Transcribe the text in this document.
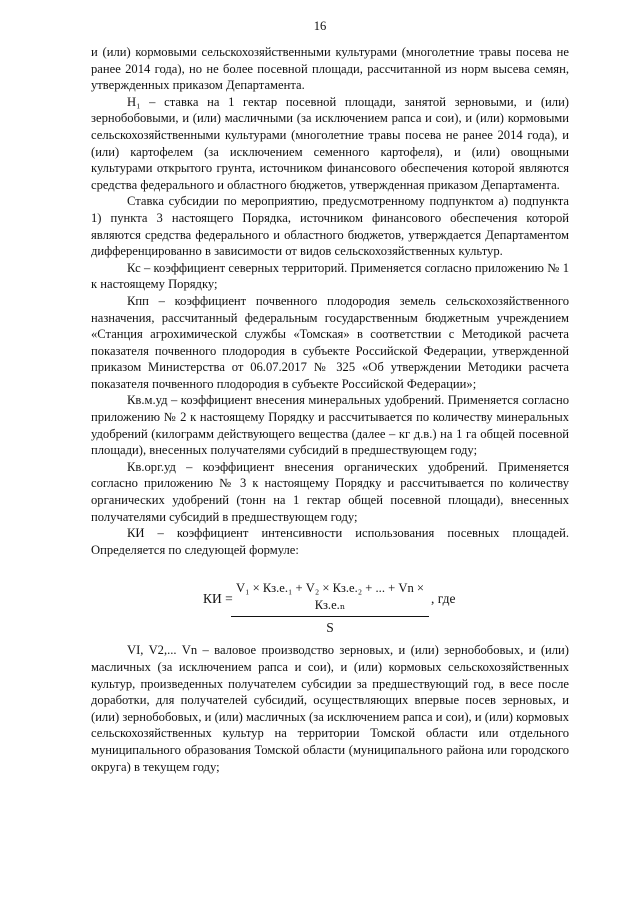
16

и (или) кормовыми сельскохозяйственными культурами (многолетние травы посева не ранее 2014 года), но не более посевной площади, рассчитанной из норм высева семян, утвержденных приказом Департамента.

Н₁ – ставка на 1 гектар посевной площади, занятой зерновыми, и (или) зернобобовыми, и (или) масличными (за исключением рапса и сои), и (или) кормовыми сельскохозяйственными культурами (многолетние травы посева не ранее 2014 года), и (или) картофелем (за исключением семенного картофеля), и (или) овощными культурами открытого грунта, источником финансового обеспечения которой являются средства федерального и областного бюджетов, утвержденная приказом Департамента.

Ставка субсидии по мероприятию, предусмотренному подпунктом а) подпункта 1) пункта 3 настоящего Порядка, источником финансового обеспечения которой являются средства федерального и областного бюджетов, утверждается Департаментом дифференцированно в зависимости от видов сельскохозяйственных культур.

Кс – коэффициент северных территорий. Применяется согласно приложению № 1 к настоящему Порядку;

Кпп – коэффициент почвенного плодородия земель сельскохозяйственного назначения, рассчитанный федеральным государственным бюджетным учреждением «Станция агрохимической службы «Томская» в соответствии с Методикой расчета показателя почвенного плодородия в субъекте Российской Федерации, утвержденной приказом Министерства от 06.07.2017 № 325 «Об утверждении Методики расчета показателя почвенного плодородия в субъекте Российской Федерации»;

Кв.м.уд – коэффициент внесения минеральных удобрений. Применяется согласно приложению № 2 к настоящему Порядку и рассчитывается по количеству минеральных удобрений (килограмм действующего вещества (далее – кг д.в.) на 1 га общей посевной площади), внесенных получателями субсидий в предшествующем году;

Кв.орг.уд – коэффициент внесения органических удобрений. Применяется согласно приложению № 3 к настоящему Порядку и рассчитывается по количеству органических удобрений (тонн на 1 гектар общей посевной площади), внесенных получателями субсидий в предшествующем году;

КИ – коэффициент интенсивности использования посевных площадей. Определяется по следующей формуле:

КИ =
V₁ × Кз.е.₁ + V₂ × Кз.е.₂ + ... + Vn × Кз.е.ₙ
S
, где

VI, V2,... Vn – валовое производство зерновых, и (или) зернобобовых, и (или) масличных (за исключением рапса и сои), и (или) кормовых сельскохозяйственных культур, произведенных получателем субсидии за предшествующий год, в весе после доработки, для получателей субсидий, осуществляющих впервые посев зерновых, и (или) зернобобовых, и (или) масличных (за исключением рапса и сои), и (или) кормовых сельскохозяйственных культур на территории Томской области или отдельного муниципального образования Томской области (муниципального района или городского округа) в текущем году;
